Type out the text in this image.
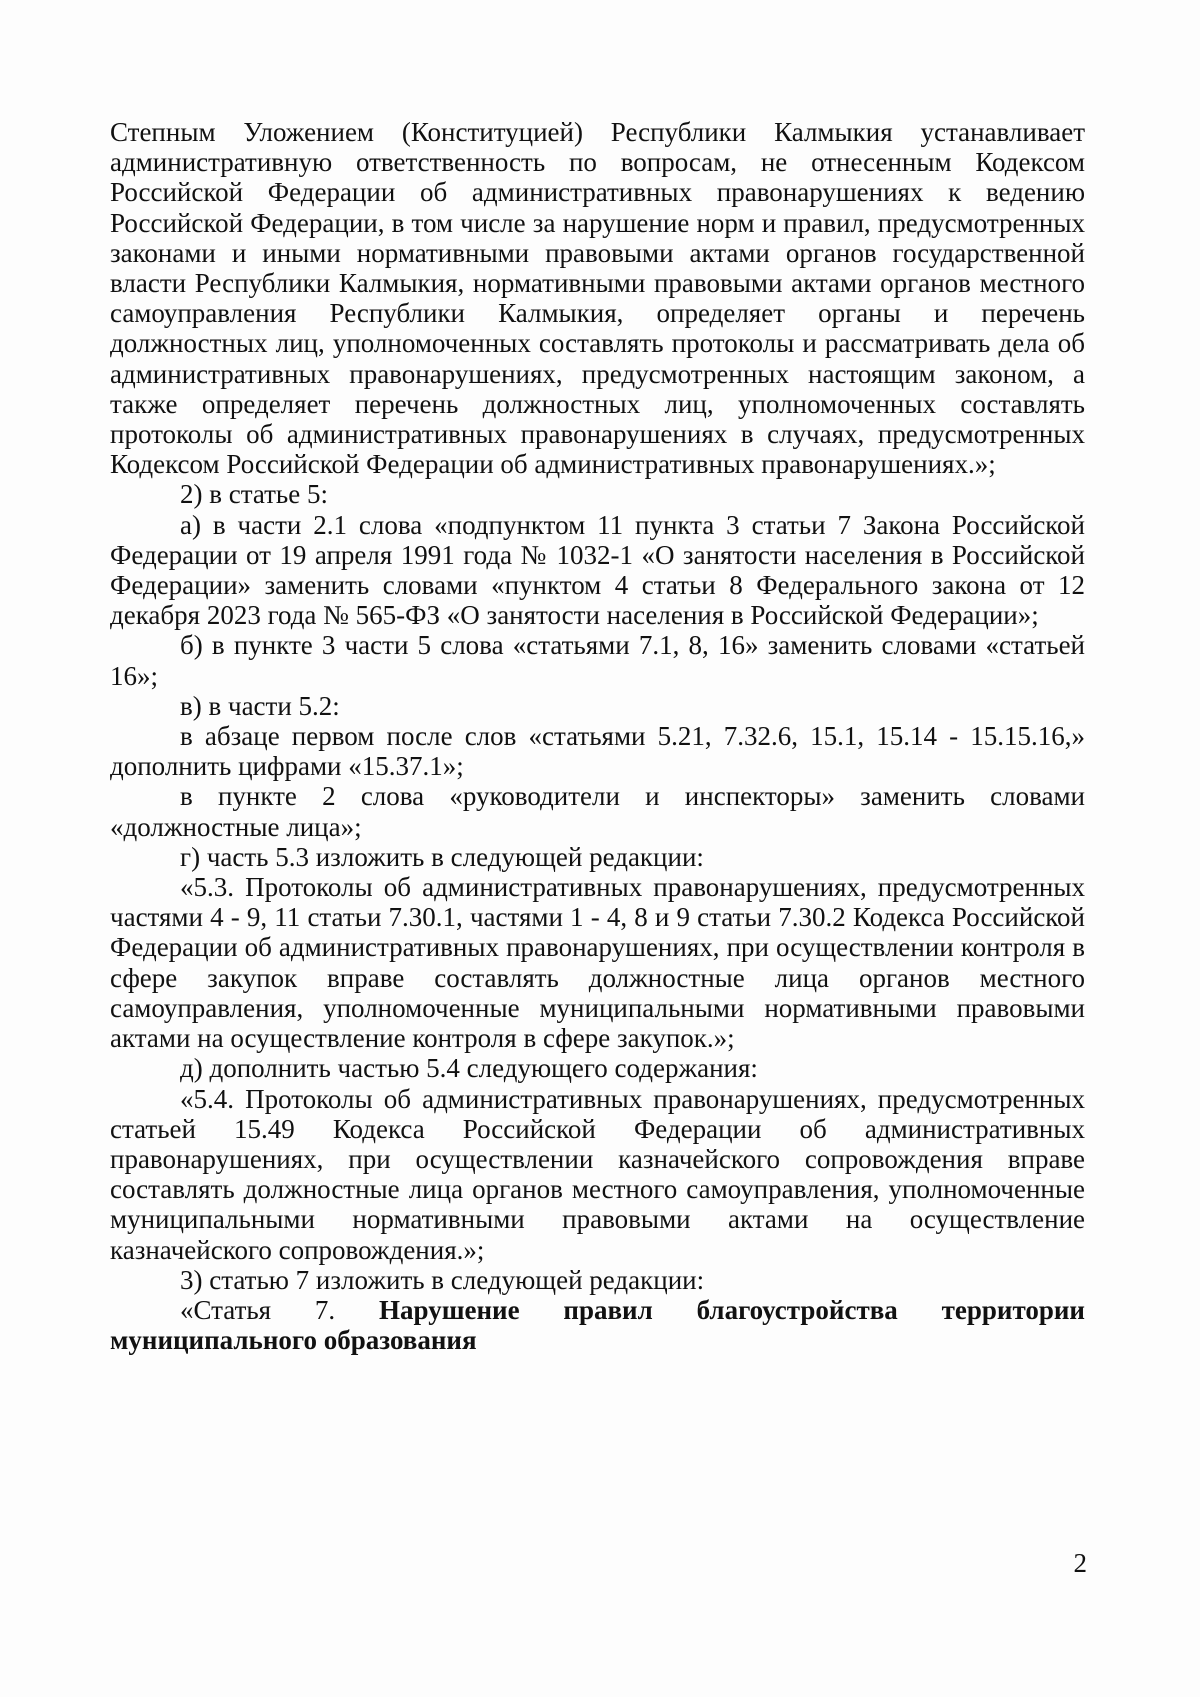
Степным Уложением (Конституцией) Республики Калмыкия устанавливает административную ответственность по вопросам, не отнесенным Кодексом Российской Федерации об административных правонарушениях к ведению Российской Федерации, в том числе за нарушение норм и правил, предусмотренных законами и иными нормативными правовыми актами органов государственной власти Республики Калмыкия, нормативными правовыми актами органов местного самоуправления Республики Калмыкия, определяет органы и перечень должностных лиц, уполномоченных составлять протоколы и рассматривать дела об административных правонарушениях, предусмотренных настоящим законом, а также определяет перечень должностных лиц, уполномоченных составлять протоколы об административных правонарушениях в случаях, предусмотренных Кодексом Российской Федерации об административных правонарушениях.»;

2) в статье 5:

а) в части 2.1 слова «подпунктом 11 пункта 3 статьи 7 Закона Российской Федерации от 19 апреля 1991 года № 1032-1 «О занятости населения в Российской Федерации» заменить словами «пунктом 4 статьи 8 Федерального закона от 12 декабря 2023 года № 565-ФЗ «О занятости населения в Российской Федерации»;

б) в пункте 3 части 5 слова «статьями 7.1, 8, 16» заменить словами «статьей 16»;

в) в части 5.2:

в абзаце первом после слов «статьями 5.21, 7.32.6, 15.1, 15.14 - 15.15.16,» дополнить цифрами «15.37.1»;

в пункте 2 слова «руководители и инспекторы» заменить словами «должностные лица»;

г) часть 5.3 изложить в следующей редакции:

«5.3. Протоколы об административных правонарушениях, предусмотренных частями 4 - 9, 11 статьи 7.30.1, частями 1 - 4, 8 и 9 статьи 7.30.2 Кодекса Российской Федерации об административных правонарушениях, при осуществлении контроля в сфере закупок вправе составлять должностные лица органов местного самоуправления, уполномоченные муниципальными нормативными правовыми актами на осуществление контроля в сфере закупок.»;

д) дополнить частью 5.4 следующего содержания:

«5.4. Протоколы об административных правонарушениях, предусмотренных статьей 15.49 Кодекса Российской Федерации об административных правонарушениях, при осуществлении казначейского сопровождения вправе составлять должностные лица органов местного самоуправления, уполномоченные муниципальными нормативными правовыми актами на осуществление казначейского сопровождения.»;

3) статью 7 изложить в следующей редакции:

«Статья 7. Нарушение правил благоустройства территории муниципального образования

2
